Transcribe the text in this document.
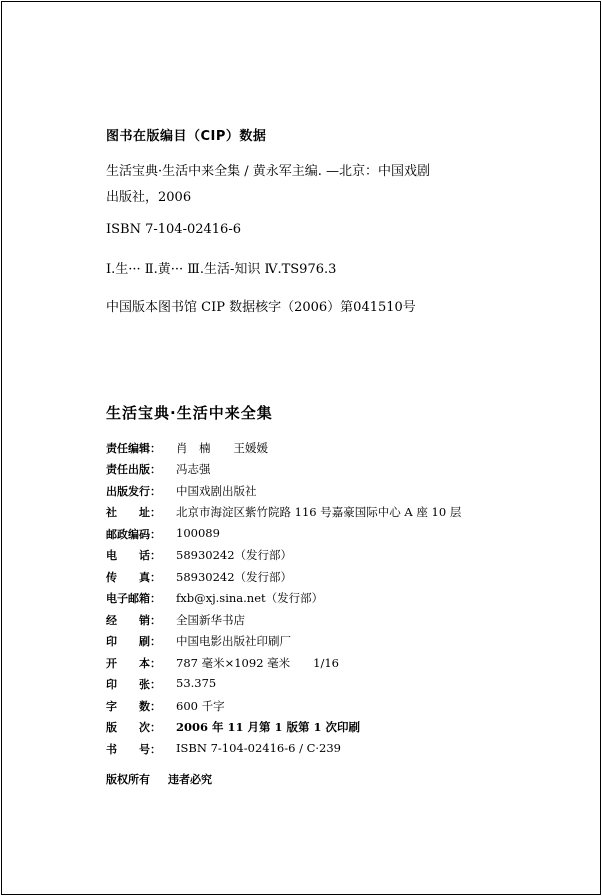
图书在版编目（CIP）数据
生活宝典·生活中来全集 / 黄永军主编. —北京：中国戏剧
出版社，2006
ISBN 7-104-02416-6
Ⅰ.生··· Ⅱ.黄··· Ⅲ.生活-知识 Ⅳ.TS976.3
中国版本图书馆 CIP 数据核字（2006）第041510号
生活宝典·生活中来全集
责任编辑：	肖　楠　　王媛媛
责任出版：	冯志强
出版发行：	中国戏剧出版社
社　　址：	北京市海淀区紫竹院路 116 号嘉豪国际中心 A 座 10 层
邮政编码：	100089
电　　话：	58930242（发行部）
传　　真：	58930242（发行部）
电子邮箱：	fxb@xj.sina.net（发行部）
经　　销：	全国新华书店
印　　刷：	中国电影出版社印刷厂
开　　本：	787 毫米×1092 毫米　　1/16
印　　张：	53.375
字　　数：	600 千字
版　　次：	2006 年 11 月第 1 版第 1 次印刷
书　　号：	ISBN 7-104-02416-6 / C·239
版权所有 违者必究
